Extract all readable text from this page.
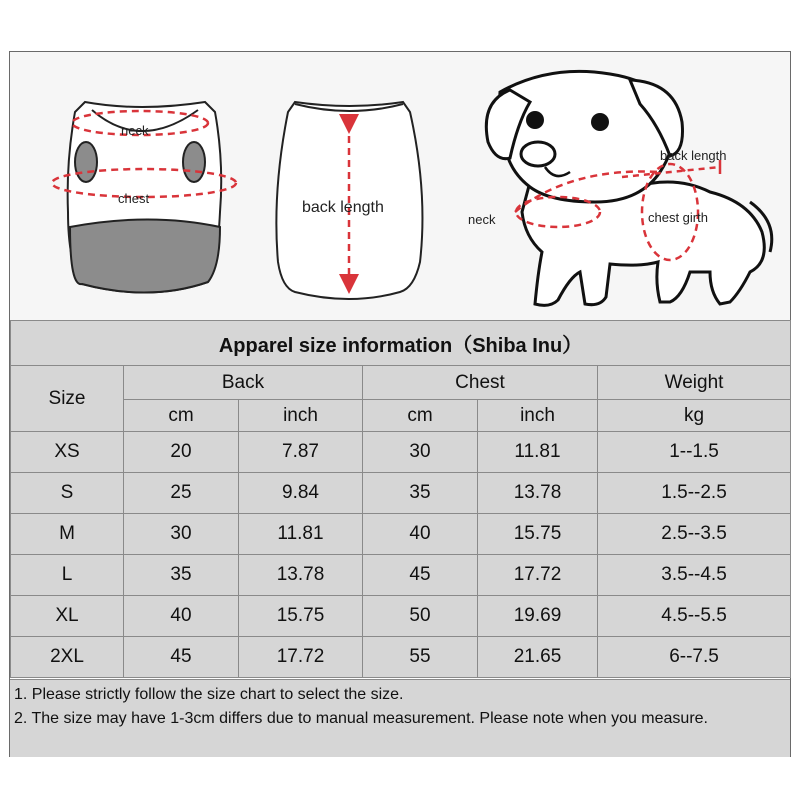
neck
chest
back length
neck
back length
chest girth
Apparel size information（Shiba Inu）					
Size	Back		Chest		Weight
	cm	inch	cm	inch	kg
XS	20	7.87	30	11.81	1--1.5
S	25	9.84	35	13.78	1.5--2.5
M	30	11.81	40	15.75	2.5--3.5
L	35	13.78	45	17.72	3.5--4.5
XL	40	15.75	50	19.69	4.5--5.5
2XL	45	17.72	55	21.65	6--7.5
1. Please strictly follow the size chart to select the size.
2. The size may have 1-3cm differs due to manual measurement. Please note when you measure.
